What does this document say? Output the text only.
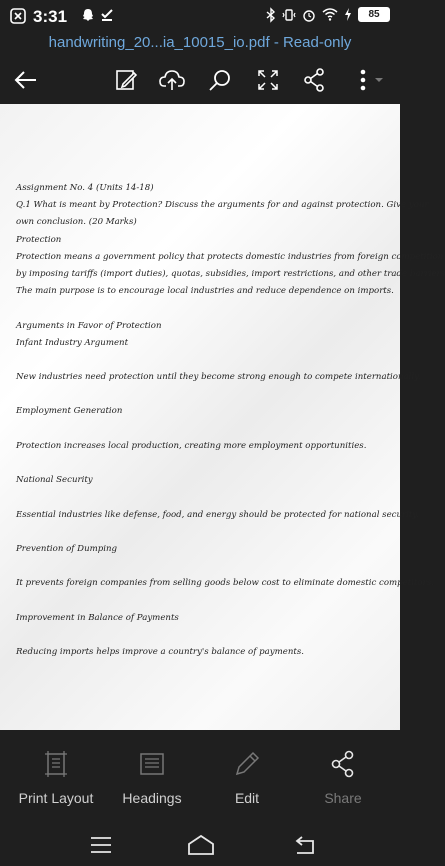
3:31	85
handwriting_20...ia_10015_io.pdf - Read-only
Assignment No. 4 (Units 14-18)
Q.1 What is meant by Protection? Discuss the arguments for and against protection. Give your
own conclusion. (20 Marks)
Protection
Protection means a government policy that protects domestic industries from foreign competition
by imposing tariffs (import duties), quotas, subsidies, import restrictions, and other trade barriers
The main purpose is to encourage local industries and reduce dependence on imports.
Arguments in Favor of Protection
Infant Industry Argument
New industries need protection until they become strong enough to compete internationally.
Employment Generation
Protection increases local production, creating more employment opportunities.
National Security
Essential industries like defense, food, and energy should be protected for national security.
Prevention of Dumping
It prevents foreign companies from selling goods below cost to eliminate domestic competitors.
Improvement in Balance of Payments
Reducing imports helps improve a country's balance of payments.
Print Layout	Headings	Edit	Share
